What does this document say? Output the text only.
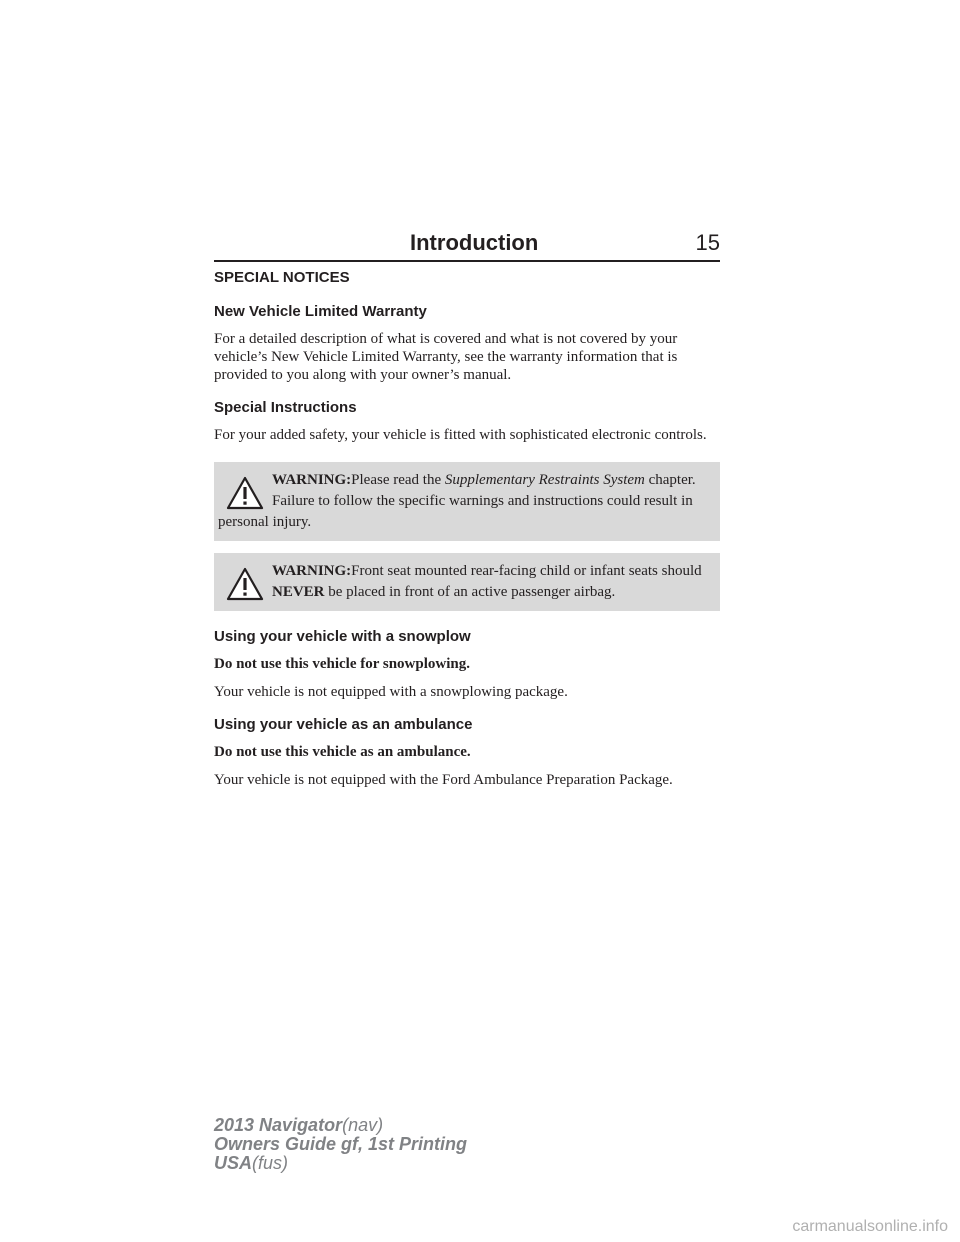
Introduction	15
SPECIAL NOTICES
New Vehicle Limited Warranty

For a detailed description of what is covered and what is not covered by your vehicle’s New Vehicle Limited Warranty, see the warranty information that is provided to you along with your owner’s manual.

Special Instructions

For your added safety, your vehicle is fitted with sophisticated electronic controls.

WARNING:Please read the Supplementary Restraints System chapter. Failure to follow the specific warnings and instructions could result in personal injury.
WARNING:Front seat mounted rear-facing child or infant seats should NEVER be placed in front of an active passenger airbag.
Using your vehicle with a snowplow

Do not use this vehicle for snowplowing.

Your vehicle is not equipped with a snowplowing package.

Using your vehicle as an ambulance

Do not use this vehicle as an ambulance.

Your vehicle is not equipped with the Ford Ambulance Preparation Package.

2013 Navigator(nav)
Owners Guide gf, 1st Printing
USA(fus)
carmanualsonline.info
